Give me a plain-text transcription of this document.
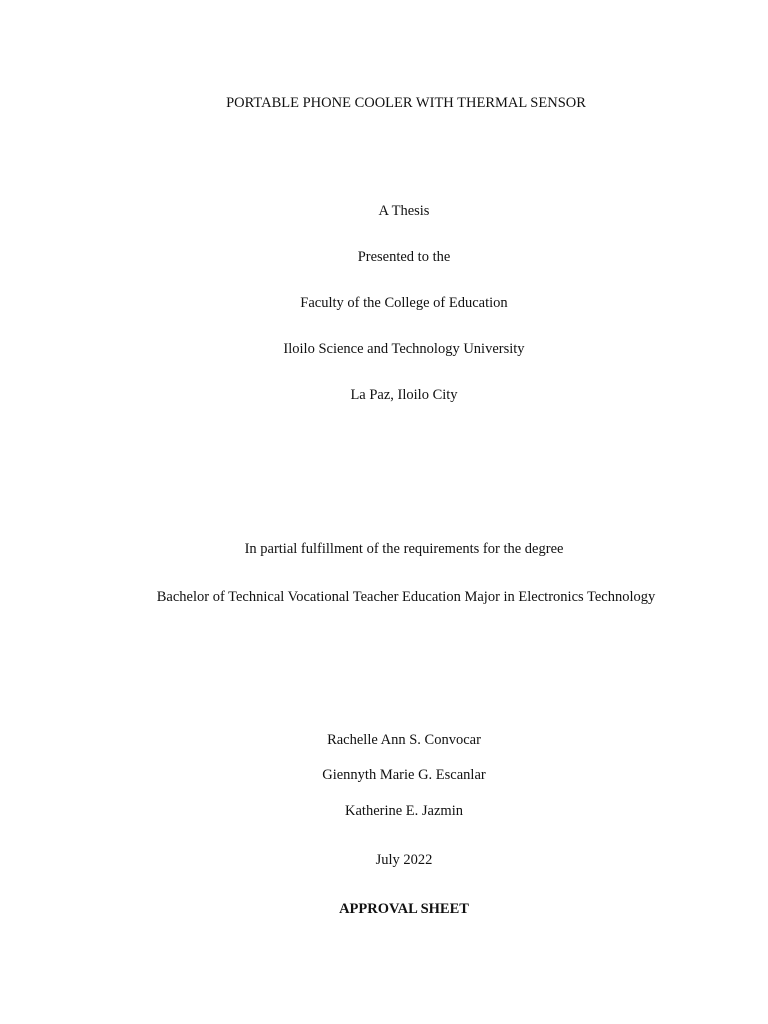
PORTABLE PHONE COOLER WITH THERMAL SENSOR
A Thesis
Presented to the
Faculty of the College of Education
Iloilo Science and Technology University
La Paz, Iloilo City
In partial fulfillment of the requirements for the degree
Bachelor of Technical Vocational Teacher Education Major in Electronics Technology
Rachelle Ann S. Convocar
Giennyth Marie G. Escanlar
Katherine E. Jazmin
July 2022
APPROVAL SHEET
